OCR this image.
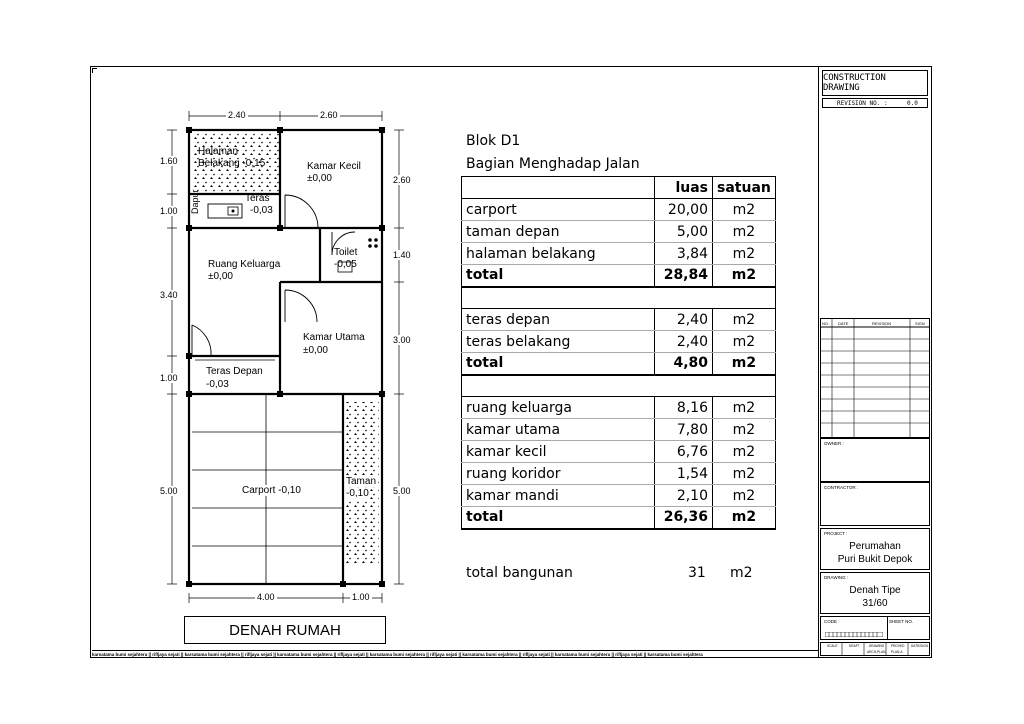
CONSTRUCTION DRAWING
REVISION NO. :	0.0
NO. DATE	REVISION	SIGN
OWNER :
CONTRACTOR :
PROJECT :
Perumahan
Puri Bukit Depok
DRAWING :
Denah Tipe
31/60
CODE :	SHEET NO.
SCALE	DRAFT	DRAWING PROVED DATE/SIGN
ARCH-PLAN PLAN-A
karsatama bumi sejahtera || rifljaya sejati || karsatama bumi sejahtera || rifljaya sejati || karsatama bumi sejahtera || rifljaya sejati || karsatama bumi sejahtera || rifljaya sejati || karsatama bumi sejahtera || rifljaya sejati || karsatama bumi sejahtera || rifljaya sejati || karsatama bumi sejahtera
2.40	2.60
4.00	1.00
1.60
1.00
3.40
1.00
5.00
2.60
1.40
3.00
5.00
Halaman
Belakang -0,15	Kamar Kecil
±0,00
Dapur	Teras
-0,03
Toilet
-0,05
Ruang Keluarga
±0,00
Kamar Utama
±0,00
Teras Depan
-0,03
Carport -0,10
Taman
-0,10
DENAH RUMAH
Blok D1
Bagian Menghadap Jalan
	luas	satuan
carport	20,00	m2
taman depan	5,00	m2
halaman belakang	3,84	m2
total	28,84	m2

teras depan	2,40	m2
teras belakang	2,40	m2
total	4,80	m2

ruang keluarga	8,16	m2
kamar utama	7,80	m2
kamar kecil	6,76	m2
ruang koridor	1,54	m2
kamar mandi	2,10	m2
total	26,36	m2
total bangunan	31 m2
